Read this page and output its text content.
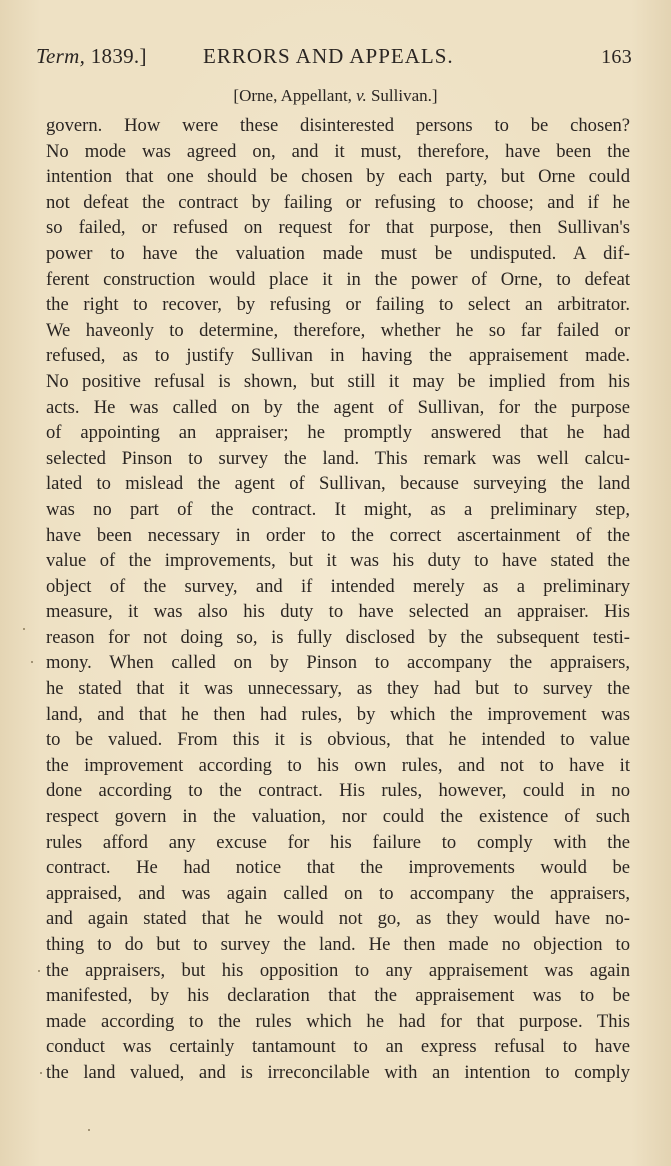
Term, 1839.]	ERRORS AND APPEALS.	163
[Orne, Appellant, v. Sullivan.]
govern. How were these disinterested persons to be chosen?
No mode was agreed on, and it must, therefore, have been the
intention that one should be chosen by each party, but Orne could
not defeat the contract by failing or refusing to choose; and if he
so failed, or refused on request for that purpose, then Sullivan's
power to have the valuation made must be undisputed. A dif-
ferent construction would place it in the power of Orne, to defeat
the right to recover, by refusing or failing to select an arbitrator.
We haveonly to determine, therefore, whether he so far failed or
refused, as to justify Sullivan in having the appraisement made.
No positive refusal is shown, but still it may be implied from his
acts. He was called on by the agent of Sullivan, for the purpose
of appointing an appraiser; he promptly answered that he had
selected Pinson to survey the land. This remark was well calcu-
lated to mislead the agent of Sullivan, because surveying the land
was no part of the contract. It might, as a preliminary step,
have been necessary in order to the correct ascertainment of the
value of the improvements, but it was his duty to have stated the
object of the survey, and if intended merely as a preliminary
measure, it was also his duty to have selected an appraiser. His
reason for not doing so, is fully disclosed by the subsequent testi-
mony. When called on by Pinson to accompany the appraisers,
he stated that it was unnecessary, as they had but to survey the
land, and that he then had rules, by which the improvement was
to be valued. From this it is obvious, that he intended to value
the improvement according to his own rules, and not to have it
done according to the contract. His rules, however, could in no
respect govern in the valuation, nor could the existence of such
rules afford any excuse for his failure to comply with the
contract. He had notice that the improvements would be
appraised, and was again called on to accompany the appraisers,
and again stated that he would not go, as they would have no-
thing to do but to survey the land. He then made no objection to
the appraisers, but his opposition to any appraisement was again
manifested, by his declaration that the appraisement was to be
made according to the rules which he had for that purpose. This
conduct was certainly tantamount to an express refusal to have
the land valued, and is irreconcilable with an intention to comply
